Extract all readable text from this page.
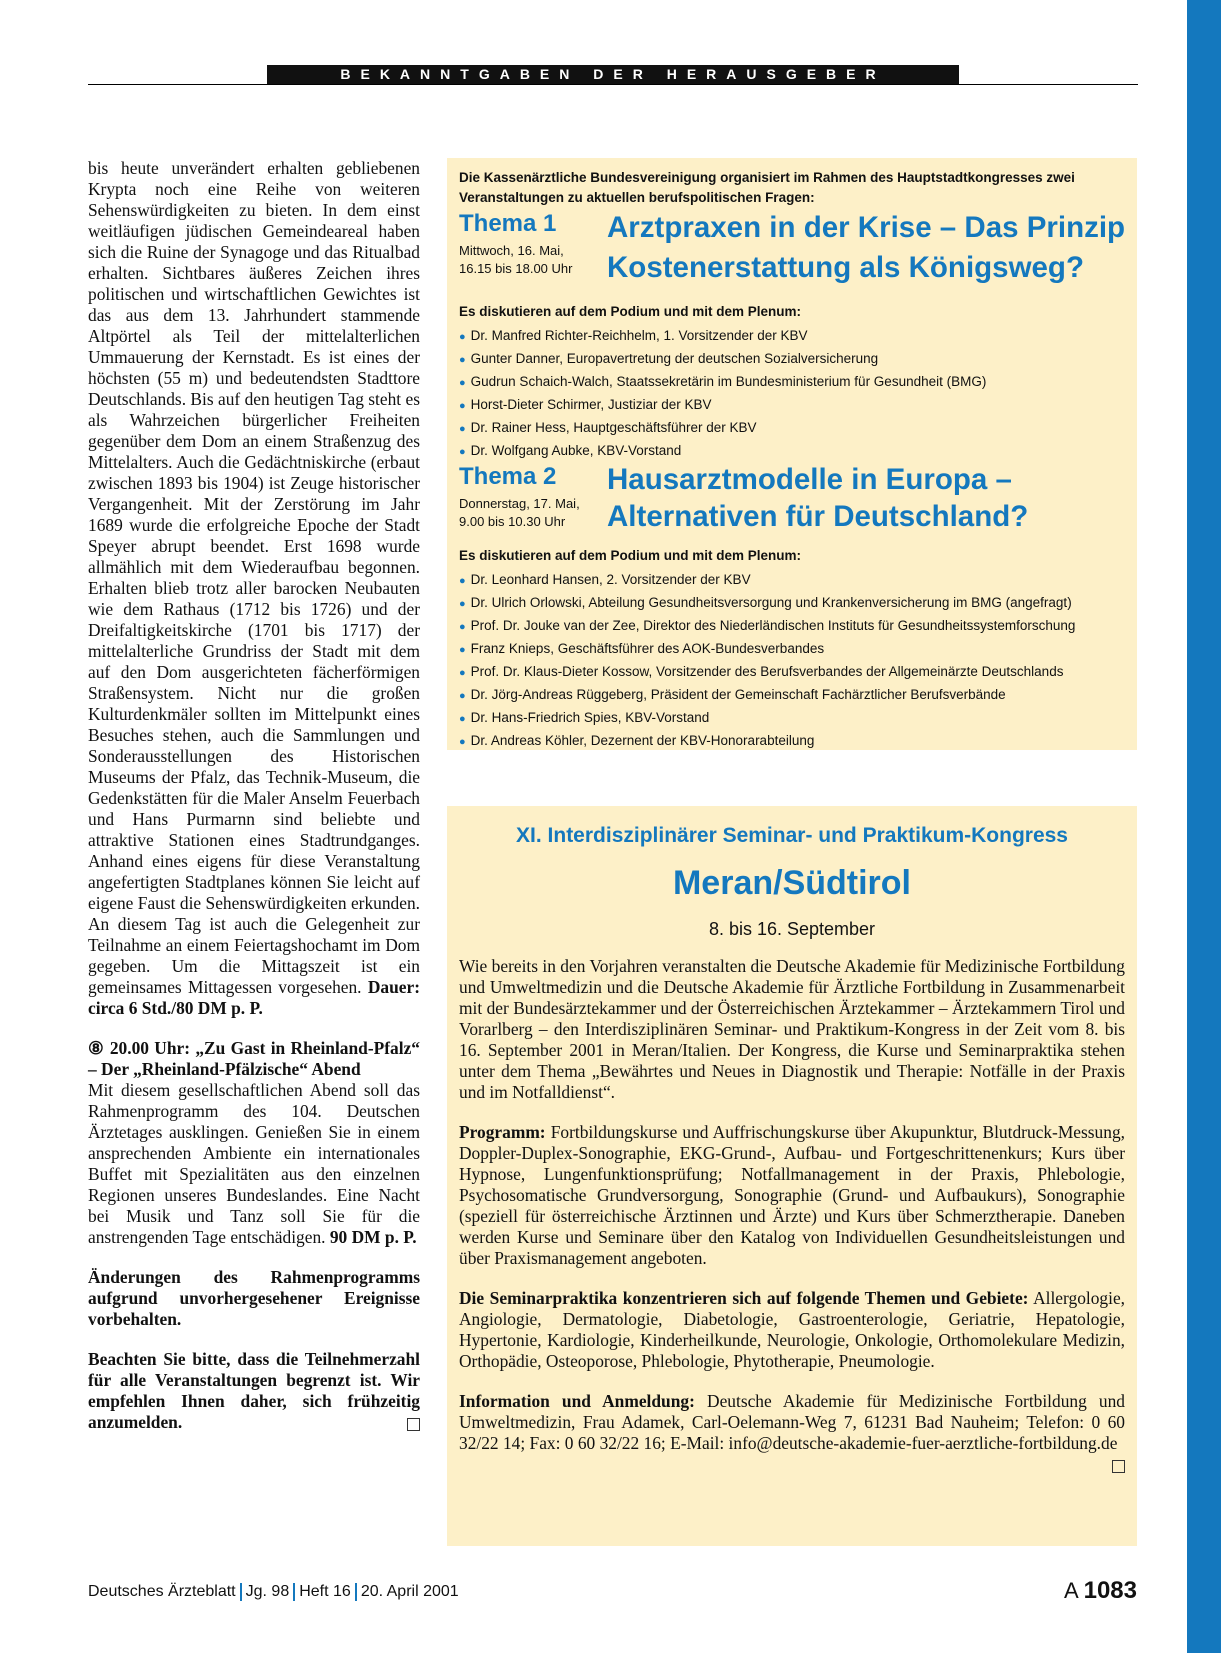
BEKANNTGABEN DER HERAUSGEBER

bis heute unverändert erhalten gebliebenen Krypta noch eine Reihe von weiteren Sehenswürdigkeiten zu bieten. In dem einst weitläufigen jüdischen Gemeindeareal haben sich die Ruine der Synagoge und das Ritualbad erhalten. Sichtbares äußeres Zeichen ihres politischen und wirtschaftlichen Gewichtes ist das aus dem 13. Jahrhundert stammende Altpörtel als Teil der mittelalterlichen Ummauerung der Kernstadt. Es ist eines der höchsten (55 m) und bedeutendsten Stadttore Deutschlands. Bis auf den heutigen Tag steht es als Wahrzeichen bürgerlicher Freiheiten gegenüber dem Dom an einem Straßenzug des Mittelalters. Auch die Gedächtniskirche (erbaut zwischen 1893 bis 1904) ist Zeuge historischer Vergangenheit. Mit der Zerstörung im Jahr 1689 wurde die erfolgreiche Epoche der Stadt Speyer abrupt beendet. Erst 1698 wurde allmählich mit dem Wiederaufbau begonnen. Erhalten blieb trotz aller barocken Neubauten wie dem Rathaus (1712 bis 1726) und der Dreifaltigkeitskirche (1701 bis 1717) der mittelalterliche Grundriss der Stadt mit dem auf den Dom ausgerichteten fächerförmigen Straßensystem. Nicht nur die großen Kulturdenkmäler sollten im Mittelpunkt eines Besuches stehen, auch die Sammlungen und Sonderausstellungen des Historischen Museums der Pfalz, das Technik-Museum, die Gedenkstätten für die Maler Anselm Feuerbach und Hans Purmarnn sind beliebte und attraktive Stationen eines Stadtrundganges. Anhand eines eigens für diese Veranstaltung angefertigten Stadtplanes können Sie leicht auf eigene Faust die Sehenswürdigkeiten erkunden. An diesem Tag ist auch die Gelegenheit zur Teilnahme an einem Feiertagshochamt im Dom gegeben. Um die Mittagszeit ist ein gemeinsames Mittagessen vorgesehen. Dauer: circa 6 Std./80 DM p. P.

⑧ 20.00 Uhr: „Zu Gast in Rheinland-Pfalz“ – Der „Rheinland-Pfälzische“ Abend
Mit diesem gesellschaftlichen Abend soll das Rahmenprogramm des 104. Deutschen Ärztetages ausklingen. Genießen Sie in einem ansprechenden Ambiente ein internationales Buffet mit Spezialitäten aus den einzelnen Regionen unseres Bundeslandes. Eine Nacht bei Musik und Tanz soll Sie für die anstrengenden Tage entschädigen. 90 DM p. P.

Änderungen des Rahmenprogramms aufgrund unvorhergesehener Ereignisse vorbehalten.

Beachten Sie bitte, dass die Teilnehmerzahl für alle Veranstaltungen begrenzt ist. Wir empfehlen Ihnen daher, sich frühzeitig anzumelden.

Die Kassenärztliche Bundesvereinigung organisiert im Rahmen des Hauptstadtkongresses zwei Veranstaltungen zu aktuellen berufspolitischen Fragen:
Thema 1
Mittwoch, 16. Mai,
16.15 bis 18.00 Uhr
Arztpraxen in der Krise – Das Prinzip
Kostenerstattung als Königsweg?
Es diskutieren auf dem Podium und mit dem Plenum:
● Dr. Manfred Richter-Reichhelm, 1. Vorsitzender der KBV
● Gunter Danner, Europavertretung der deutschen Sozialversicherung
● Gudrun Schaich-Walch, Staatssekretärin im Bundesministerium für Gesundheit (BMG)
● Horst-Dieter Schirmer, Justiziar der KBV
● Dr. Rainer Hess, Hauptgeschäftsführer der KBV
● Dr. Wolfgang Aubke, KBV-Vorstand
Thema 2
Donnerstag, 17. Mai,
9.00 bis 10.30 Uhr
Hausarztmodelle in Europa –
Alternativen für Deutschland?
Es diskutieren auf dem Podium und mit dem Plenum:
● Dr. Leonhard Hansen, 2. Vorsitzender der KBV
● Dr. Ulrich Orlowski, Abteilung Gesundheitsversorgung und Krankenversicherung im BMG (angefragt)
● Prof. Dr. Jouke van der Zee, Direktor des Niederländischen Instituts für Gesundheitssystemforschung
● Franz Knieps, Geschäftsführer des AOK-Bundesverbandes
● Prof. Dr. Klaus-Dieter Kossow, Vorsitzender des Berufsverbandes der Allgemeinärzte Deutschlands
● Dr. Jörg-Andreas Rüggeberg, Präsident der Gemeinschaft Fachärztlicher Berufsverbände
● Dr. Hans-Friedrich Spies, KBV-Vorstand
● Dr. Andreas Köhler, Dezernent der KBV-Honorarabteilung
XI. Interdisziplinärer Seminar- und Praktikum-Kongress
Meran/Südtirol
8. bis 16. September

Wie bereits in den Vorjahren veranstalten die Deutsche Akademie für Medizinische Fortbildung und Umweltmedizin und die Deutsche Akademie für Ärztliche Fortbildung in Zusammenarbeit mit der Bundesärztekammer und der Österreichischen Ärztekammer – Ärztekammern Tirol und Vorarlberg – den Interdisziplinären Seminar- und Praktikum-Kongress in der Zeit vom 8. bis 16. September 2001 in Meran/Italien. Der Kongress, die Kurse und Seminarpraktika stehen unter dem Thema „Bewährtes und Neues in Diagnostik und Therapie: Notfälle in der Praxis und im Notfalldienst“.

Programm: Fortbildungskurse und Auffrischungskurse über Akupunktur, Blutdruck-Messung, Doppler-Duplex-Sonographie, EKG-Grund-, Aufbau- und Fortgeschrittenenkurs; Kurs über Hypnose, Lungenfunktionsprüfung; Notfallmanagement in der Praxis, Phlebologie, Psychosomatische Grundversorgung, Sonographie (Grund- und Aufbaukurs), Sonographie (speziell für österreichische Ärztinnen und Ärzte) und Kurs über Schmerztherapie. Daneben werden Kurse und Seminare über den Katalog von Individuellen Gesundheitsleistungen und über Praxismanagement angeboten.

Die Seminarpraktika konzentrieren sich auf folgende Themen und Gebiete: Allergologie, Angiologie, Dermatologie, Diabetologie, Gastroenterologie, Geriatrie, Hepatologie, Hypertonie, Kardiologie, Kinderheilkunde, Neurologie, Onkologie, Orthomolekulare Medizin, Orthopädie, Osteoporose, Phlebologie, Phytotherapie, Pneumologie.

Information und Anmeldung: Deutsche Akademie für Medizinische Fortbildung und Umweltmedizin, Frau Adamek, Carl-Oelemann-Weg 7, 61231 Bad Nauheim; Telefon: 0 60 32/22 14; Fax: 0 60 32/22 16; E-Mail: info@deutsche-akademie-fuer-aerztliche-fortbildung.de

Deutsches Ärzteblatt Jg. 98 Heft 16 20. April 2001	A 1083
